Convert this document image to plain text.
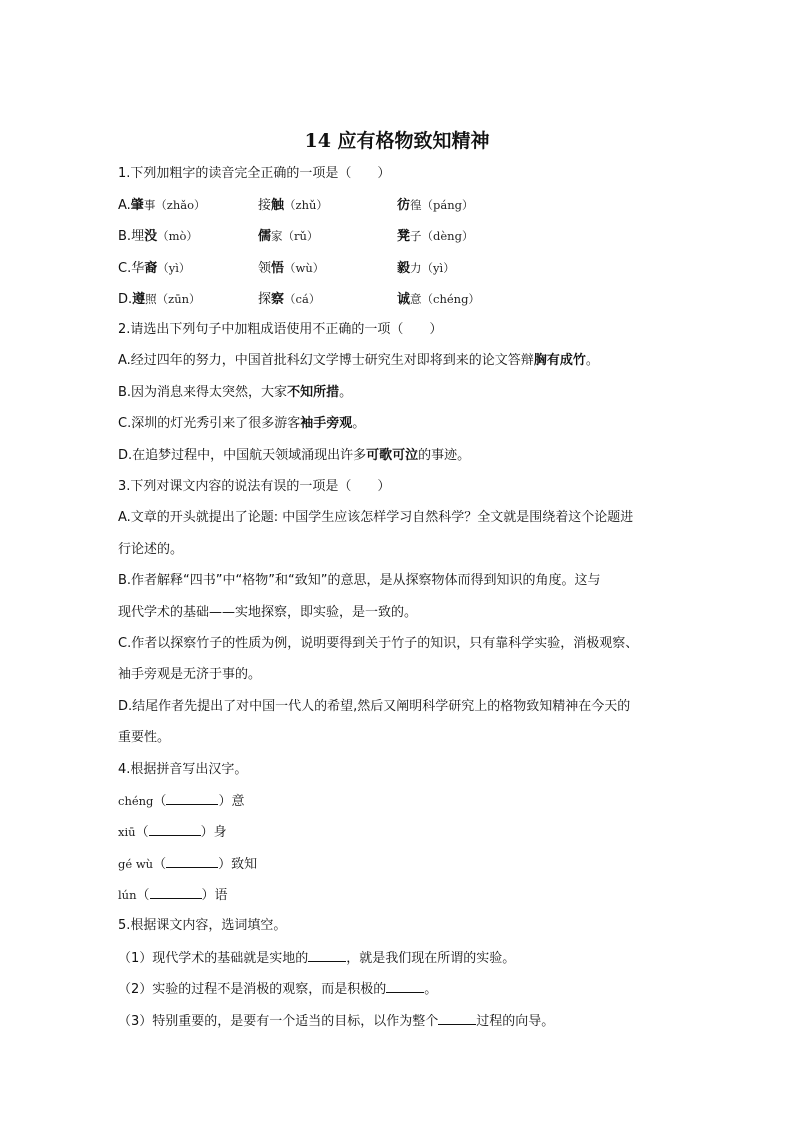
14 应有格物致知精神
1.下列加粗字的读音完全正确的一项是（ ）
A.肇事（zhǎo）	接触（zhǔ）	彷徨（páng）
B.埋没（mò）	儒家（rǔ）	凳子（dèng）
C.华裔（yì）	领悟（wù）	毅力（yì）
D.遵照（zūn）	探察（cá）	诚意（chéng）
2.请选出下列句子中加粗成语使用不正确的一项（ ）
A.经过四年的努力，中国首批科幻文学博士研究生对即将到来的论文答辩胸有成竹。
B.因为消息来得太突然，大家不知所措。
C.深圳的灯光秀引来了很多游客袖手旁观。
D.在追梦过程中，中国航天领域涌现出许多可歌可泣的事迹。
3.下列对课文内容的说法有误的一项是（ ）
A.文章的开头就提出了论题: 中国学生应该怎样学习自然科学？全文就是围绕着这个论题进
行论述的。
B.作者解释“四书”中“格物”和“致知”的意思，是从探察物体而得到知识的角度。这与
现代学术的基础——实地探察，即实验，是一致的。
C.作者以探察竹子的性质为例，说明要得到关于竹子的知识，只有靠科学实验，消极观察、
袖手旁观是无济于事的。
D.结尾作者先提出了对中国一代人的希望,然后又阐明科学研究上的格物致知精神在今天的
重要性。
4.根据拼音写出汉字。
chéng（	）意
xiū（	）身
gé wù（	）致知
lún（	）语
5.根据课文内容，选词填空。
（1）现代学术的基础就是实地的	，就是我们现在所谓的实验。
（2）实验的过程不是消极的观察，而是积极的	。
（3）特别重要的，是要有一个适当的目标，以作为整个	过程的向导。
